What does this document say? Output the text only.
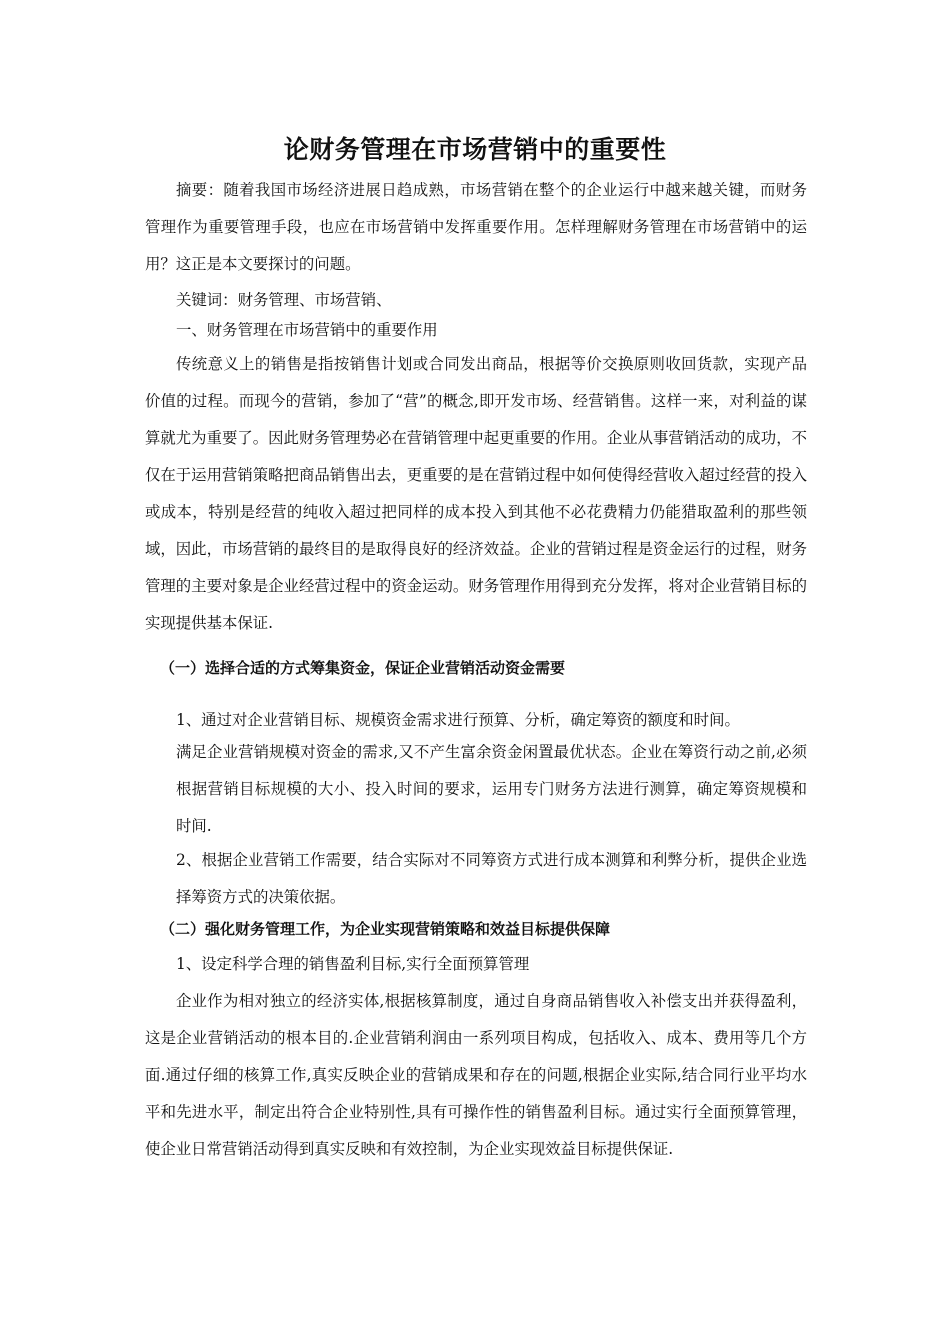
论财务管理在市场营销中的重要性

摘要：随着我国市场经济进展日趋成熟，市场营销在整个的企业运行中越来越关键，而财务管理作为重要管理手段，也应在市场营销中发挥重要作用。怎样理解财务管理在市场营销中的运用？这正是本文要探讨的问题。

关键词：财务管理、市场营销、

一、财务管理在市场营销中的重要作用

传统意义上的销售是指按销售计划或合同发出商品，根据等价交换原则收回货款，实现产品价值的过程。而现今的营销，参加了“营”的概念,即开发市场、经营销售。这样一来，对利益的谋算就尤为重要了。因此财务管理势必在营销管理中起更重要的作用。企业从事营销活动的成功，不仅在于运用营销策略把商品销售出去，更重要的是在营销过程中如何使得经营收入超过经营的投入或成本，特别是经营的纯收入超过把同样的成本投入到其他不必花费精力仍能猎取盈利的那些领域，因此，市场营销的最终目的是取得良好的经济效益。企业的营销过程是资金运行的过程，财务管理的主要对象是企业经营过程中的资金运动。财务管理作用得到充分发挥，将对企业营销目标的实现提供基本保证.

（一）选择合适的方式筹集资金，保证企业营销活动资金需要

1、通过对企业营销目标、规模资金需求进行预算、分析，确定筹资的额度和时间。

满足企业营销规模对资金的需求,又不产生富余资金闲置最优状态。企业在筹资行动之前,必须根据营销目标规模的大小、投入时间的要求，运用专门财务方法进行测算，确定筹资规模和时间.

2、根据企业营销工作需要，结合实际对不同筹资方式进行成本测算和利弊分析，提供企业选择筹资方式的决策依据。

（二）强化财务管理工作，为企业实现营销策略和效益目标提供保障

1、设定科学合理的销售盈利目标,实行全面预算管理

企业作为相对独立的经济实体,根据核算制度，通过自身商品销售收入补偿支出并获得盈利，这是企业营销活动的根本目的.企业营销利润由一系列项目构成，包括收入、成本、费用等几个方面.通过仔细的核算工作,真实反映企业的营销成果和存在的问题,根据企业实际,结合同行业平均水平和先进水平，制定出符合企业特别性,具有可操作性的销售盈利目标。通过实行全面预算管理，使企业日常营销活动得到真实反映和有效控制，为企业实现效益目标提供保证.
